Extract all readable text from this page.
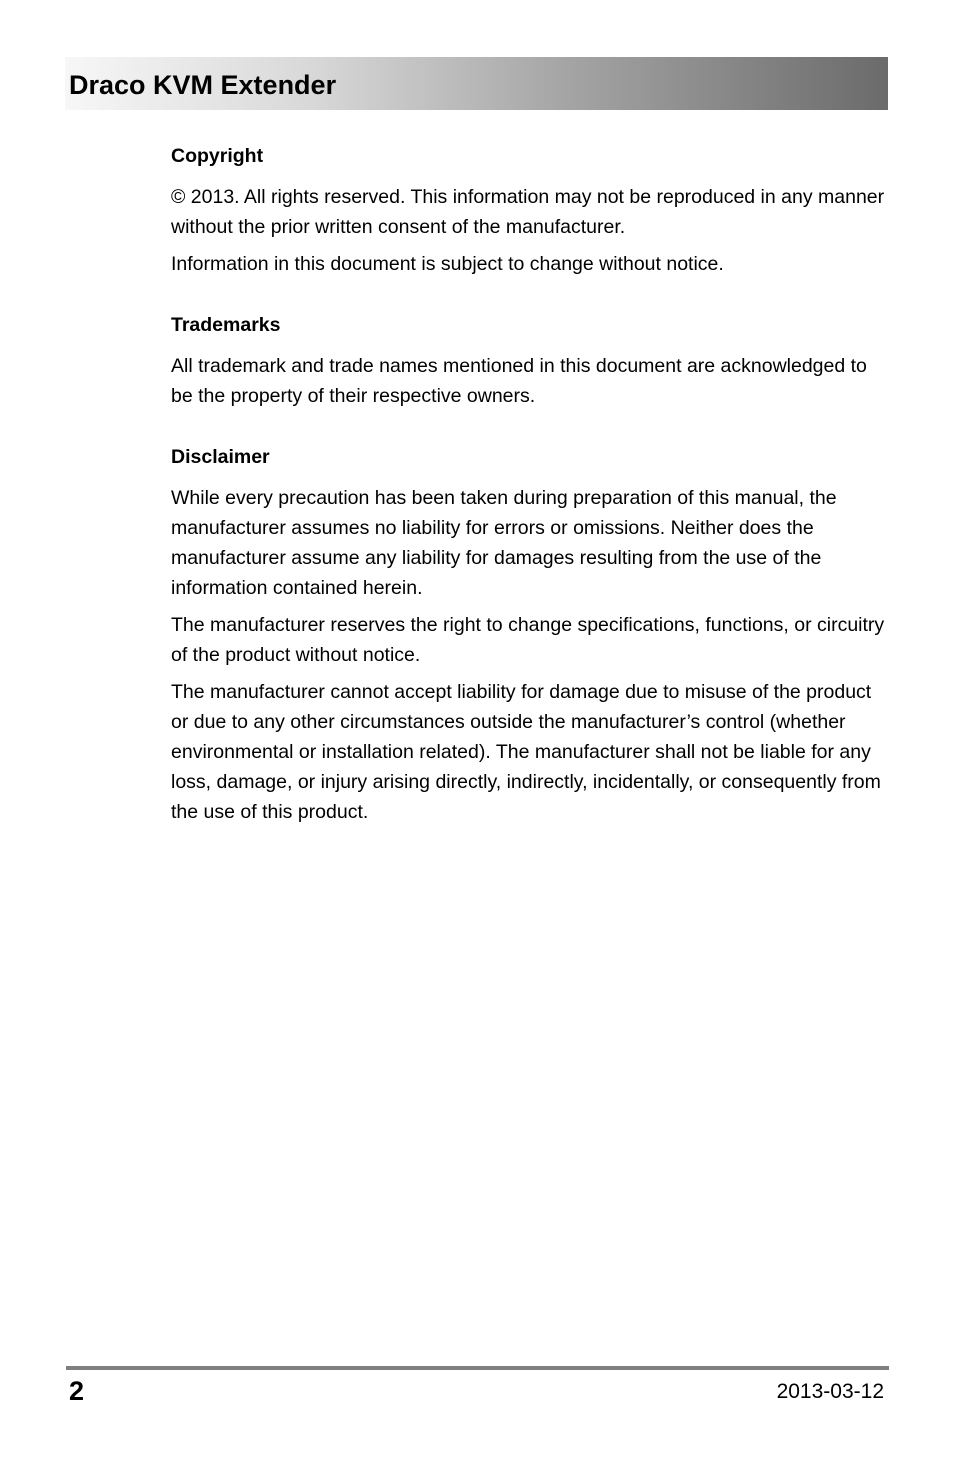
Draco KVM Extender
Copyright

© 2013. All rights reserved. This information may not be reproduced in any manner without the prior written consent of the manufacturer.

Information in this document is subject to change without notice.

Trademarks

All trademark and trade names mentioned in this document are acknowledged to be the property of their respective owners.

Disclaimer

While every precaution has been taken during preparation of this manual, the manufacturer assumes no liability for errors or omissions. Neither does the manufacturer assume any liability for damages resulting from the use of the information contained herein.

The manufacturer reserves the right to change specifications, functions, or circuitry of the product without notice.

The manufacturer cannot accept liability for damage due to misuse of the product or due to any other circumstances outside the manufacturer’s control (whether environmental or installation related). The manufacturer shall not be liable for any loss, damage, or injury arising directly, indirectly, incidentally, or consequently from the use of this product.

2	2013-03-12
